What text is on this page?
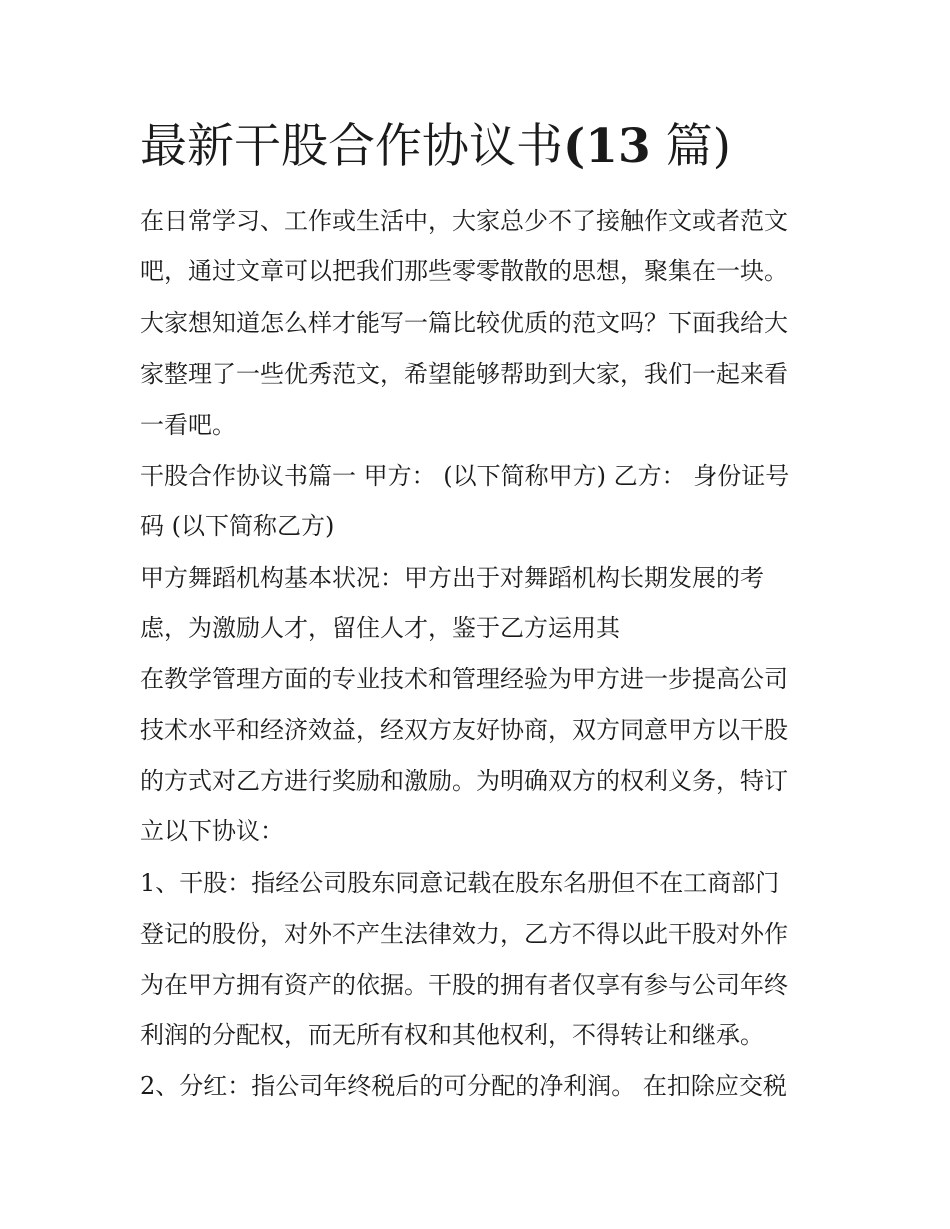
最新干股合作协议书(13 篇)

在日常学习、工作或生活中，大家总少不了接触作文或者范文

吧，通过文章可以把我们那些零零散散的思想，聚集在一块。

大家想知道怎么样才能写一篇比较优质的范文吗？下面我给大

家整理了一些优秀范文，希望能够帮助到大家，我们一起来看

一看吧。

干股合作协议书篇一 甲方： (以下简称甲方) 乙方： 身份证号

码 (以下简称乙方)

甲方舞蹈机构基本状况：甲方出于对舞蹈机构长期发展的考

虑，为激励人才，留住人才，鉴于乙方运用其

在教学管理方面的专业技术和管理经验为甲方进一步提高公司

技术水平和经济效益，经双方友好协商，双方同意甲方以干股

的方式对乙方进行奖励和激励。为明确双方的权利义务，特订

立以下协议：

1、干股：指经公司股东同意记载在股东名册但不在工商部门

登记的股份，对外不产生法律效力，乙方不得以此干股对外作

为在甲方拥有资产的依据。干股的拥有者仅享有参与公司年终

利润的分配权，而无所有权和其他权利，不得转让和继承。

2、分红：指公司年终税后的可分配的净利润。 在扣除应交税
